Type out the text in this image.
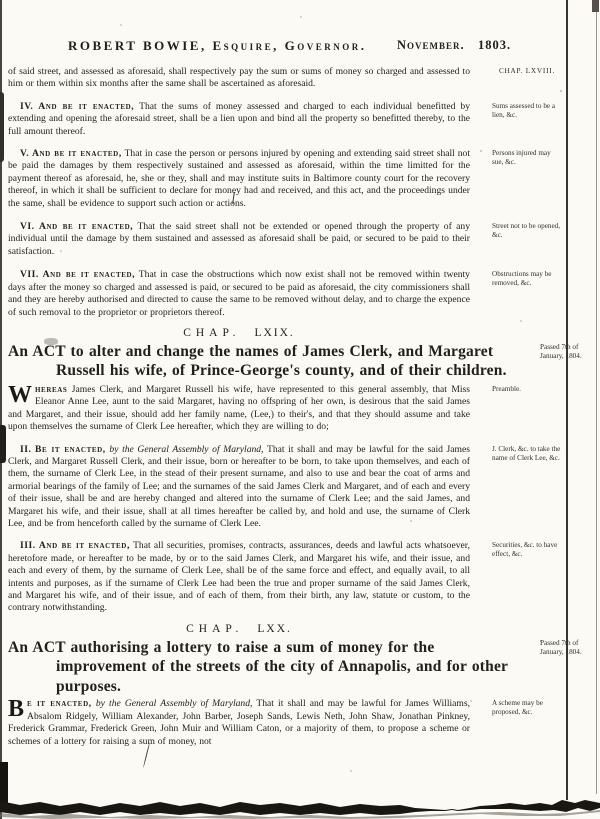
ROBERT BOWIE, Esquire, Governor. November. 1803.

of said street, and assessed as aforesaid, shall respectively pay the sum or sums of money so charged and assessed to him or them within six months after the same shall be ascertained as aforesaid.

CHAP. LXVIII.

IV. And be it enacted, That the sums of money assessed and charged to each individual benefitted by extending and opening the aforesaid street, shall be a lien upon and bind all the property so benefitted thereby, to the full amount thereof.

Sums assessed to be a lien, &c.

V. And be it enacted, That in case the person or persons injured by opening and extending said street shall not be paid the damages by them respectively sustained and assessed as aforesaid, within the time limitted for the payment thereof as aforesaid, he, she or they, shall and may institute suits in Baltimore county court for the recovery thereof, in which it shall be sufficient to declare for money had and received, and this act, and the proceedings under the same, shall be evidence to support such action or actions.

Persons injured may sue, &c.

VI. And be it enacted, That the said street shall not be extended or opened through the property of any individual until the damage by them sustained and assessed as aforesaid shall be paid, or secured to be paid to their satisfaction.

Street not to be opened, &c.

VII. And be it enacted, That in case the obstructions which now exist shall not be removed within twenty days after the money so charged and assessed is paid, or secured to be paid as aforesaid, the city commissioners shall and they are hereby authorised and directed to cause the same to be removed without delay, and to charge the expence of such removal to the proprietor or proprietors thereof.

Obstructions may be removed, &c.
CHAP. LXIX.
An ACT to alter and change the names of James Clerk, and Margaret Russell his wife, of Prince-George's county, and of their children.
Passed 7th of January, 1804.

Whereas James Clerk, and Margaret Russell his wife, have represented to this general assembly, that Miss Eleanor Anne Lee, aunt to the said Margaret, having no offspring of her own, is desirous that the said James and Margaret, and their issue, should add her family name, (Lee,) to their's, and that they should assume and take upon themselves the surname of Clerk Lee hereafter, which they are willing to do;

Preamble.

II. Be it enacted, by the General Assembly of Maryland, That it shall and may be lawful for the said James Clerk, and Margaret Russell Clerk, and their issue, born or hereafter to be born, to take upon themselves, and each of them, the surname of Clerk Lee, in the stead of their present surname, and also to use and bear the coat of arms and armorial bearings of the family of Lee; and the surnames of the said James Clerk and Margaret, and of each and every of their issue, shall be and are hereby changed and altered into the surname of Clerk Lee; and the said James, and Margaret his wife, and their issue, shall at all times hereafter be called by, and hold and use, the surname of Clerk Lee, and be from henceforth called by the surname of Clerk Lee.

J. Clerk, &c. to take the name of Clerk Lee, &c.

III. And be it enacted, That all securities, promises, contracts, assurances, deeds and lawful acts whatsoever, heretofore made, or hereafter to be made, by or to the said James Clerk, and Margaret his wife, and their issue, and each and every of them, by the surname of Clerk Lee, shall be of the same force and effect, and equally avail, to all intents and purposes, as if the surname of Clerk Lee had been the true and proper surname of the said James Clerk, and Margaret his wife, and of their issue, and of each of them, from their birth, any law, statute or custom, to the contrary notwithstanding.

Securities, &c. to have effect, &c.
CHAP. LXX.
An ACT authorising a lottery to raise a sum of money for the improvement of the streets of the city of Annapolis, and for other purposes.
Passed 7th of January, 1804.

Be it enacted, by the General Assembly of Maryland, That it shall and may be lawful for James Williams, Absalom Ridgely, William Alexander, John Barber, Joseph Sands, Lewis Neth, John Shaw, Jonathan Pinkney, Frederick Grammar, Frederick Green, John Muir and William Caton, or a majority of them, to propose a scheme or schemes of a lottery for raising a sum of money, not

A scheme may be proposed, &c.
